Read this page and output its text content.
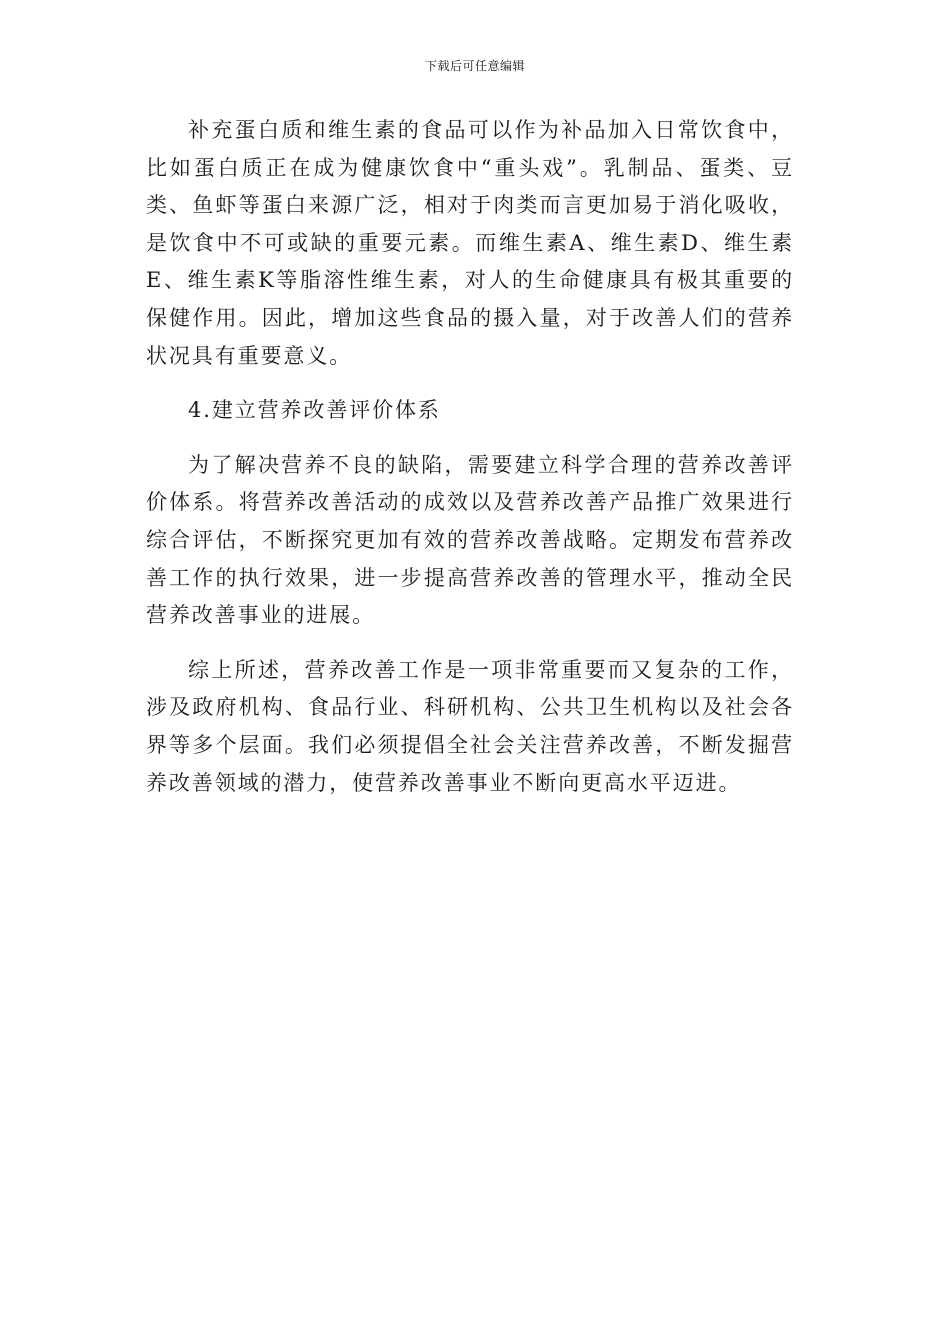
下载后可任意编辑

补充蛋白质和维生素的食品可以作为补品加入日常饮食中，比如蛋白质正在成为健康饮食中“重头戏”。乳制品、蛋类、豆类、鱼虾等蛋白来源广泛，相对于肉类而言更加易于消化吸收，是饮食中不可或缺的重要元素。而维生素A、维生素D、维生素E、维生素K等脂溶性维生素，对人的生命健康具有极其重要的保健作用。因此，增加这些食品的摄入量，对于改善人们的营养状况具有重要意义。

4.建立营养改善评价体系

为了解决营养不良的缺陷，需要建立科学合理的营养改善评价体系。将营养改善活动的成效以及营养改善产品推广效果进行综合评估，不断探究更加有效的营养改善战略。定期发布营养改善工作的执行效果，进一步提高营养改善的管理水平，推动全民营养改善事业的进展。

综上所述，营养改善工作是一项非常重要而又复杂的工作，涉及政府机构、食品行业、科研机构、公共卫生机构以及社会各界等多个层面。我们必须提倡全社会关注营养改善，不断发掘营养改善领域的潜力，使营养改善事业不断向更高水平迈进。
